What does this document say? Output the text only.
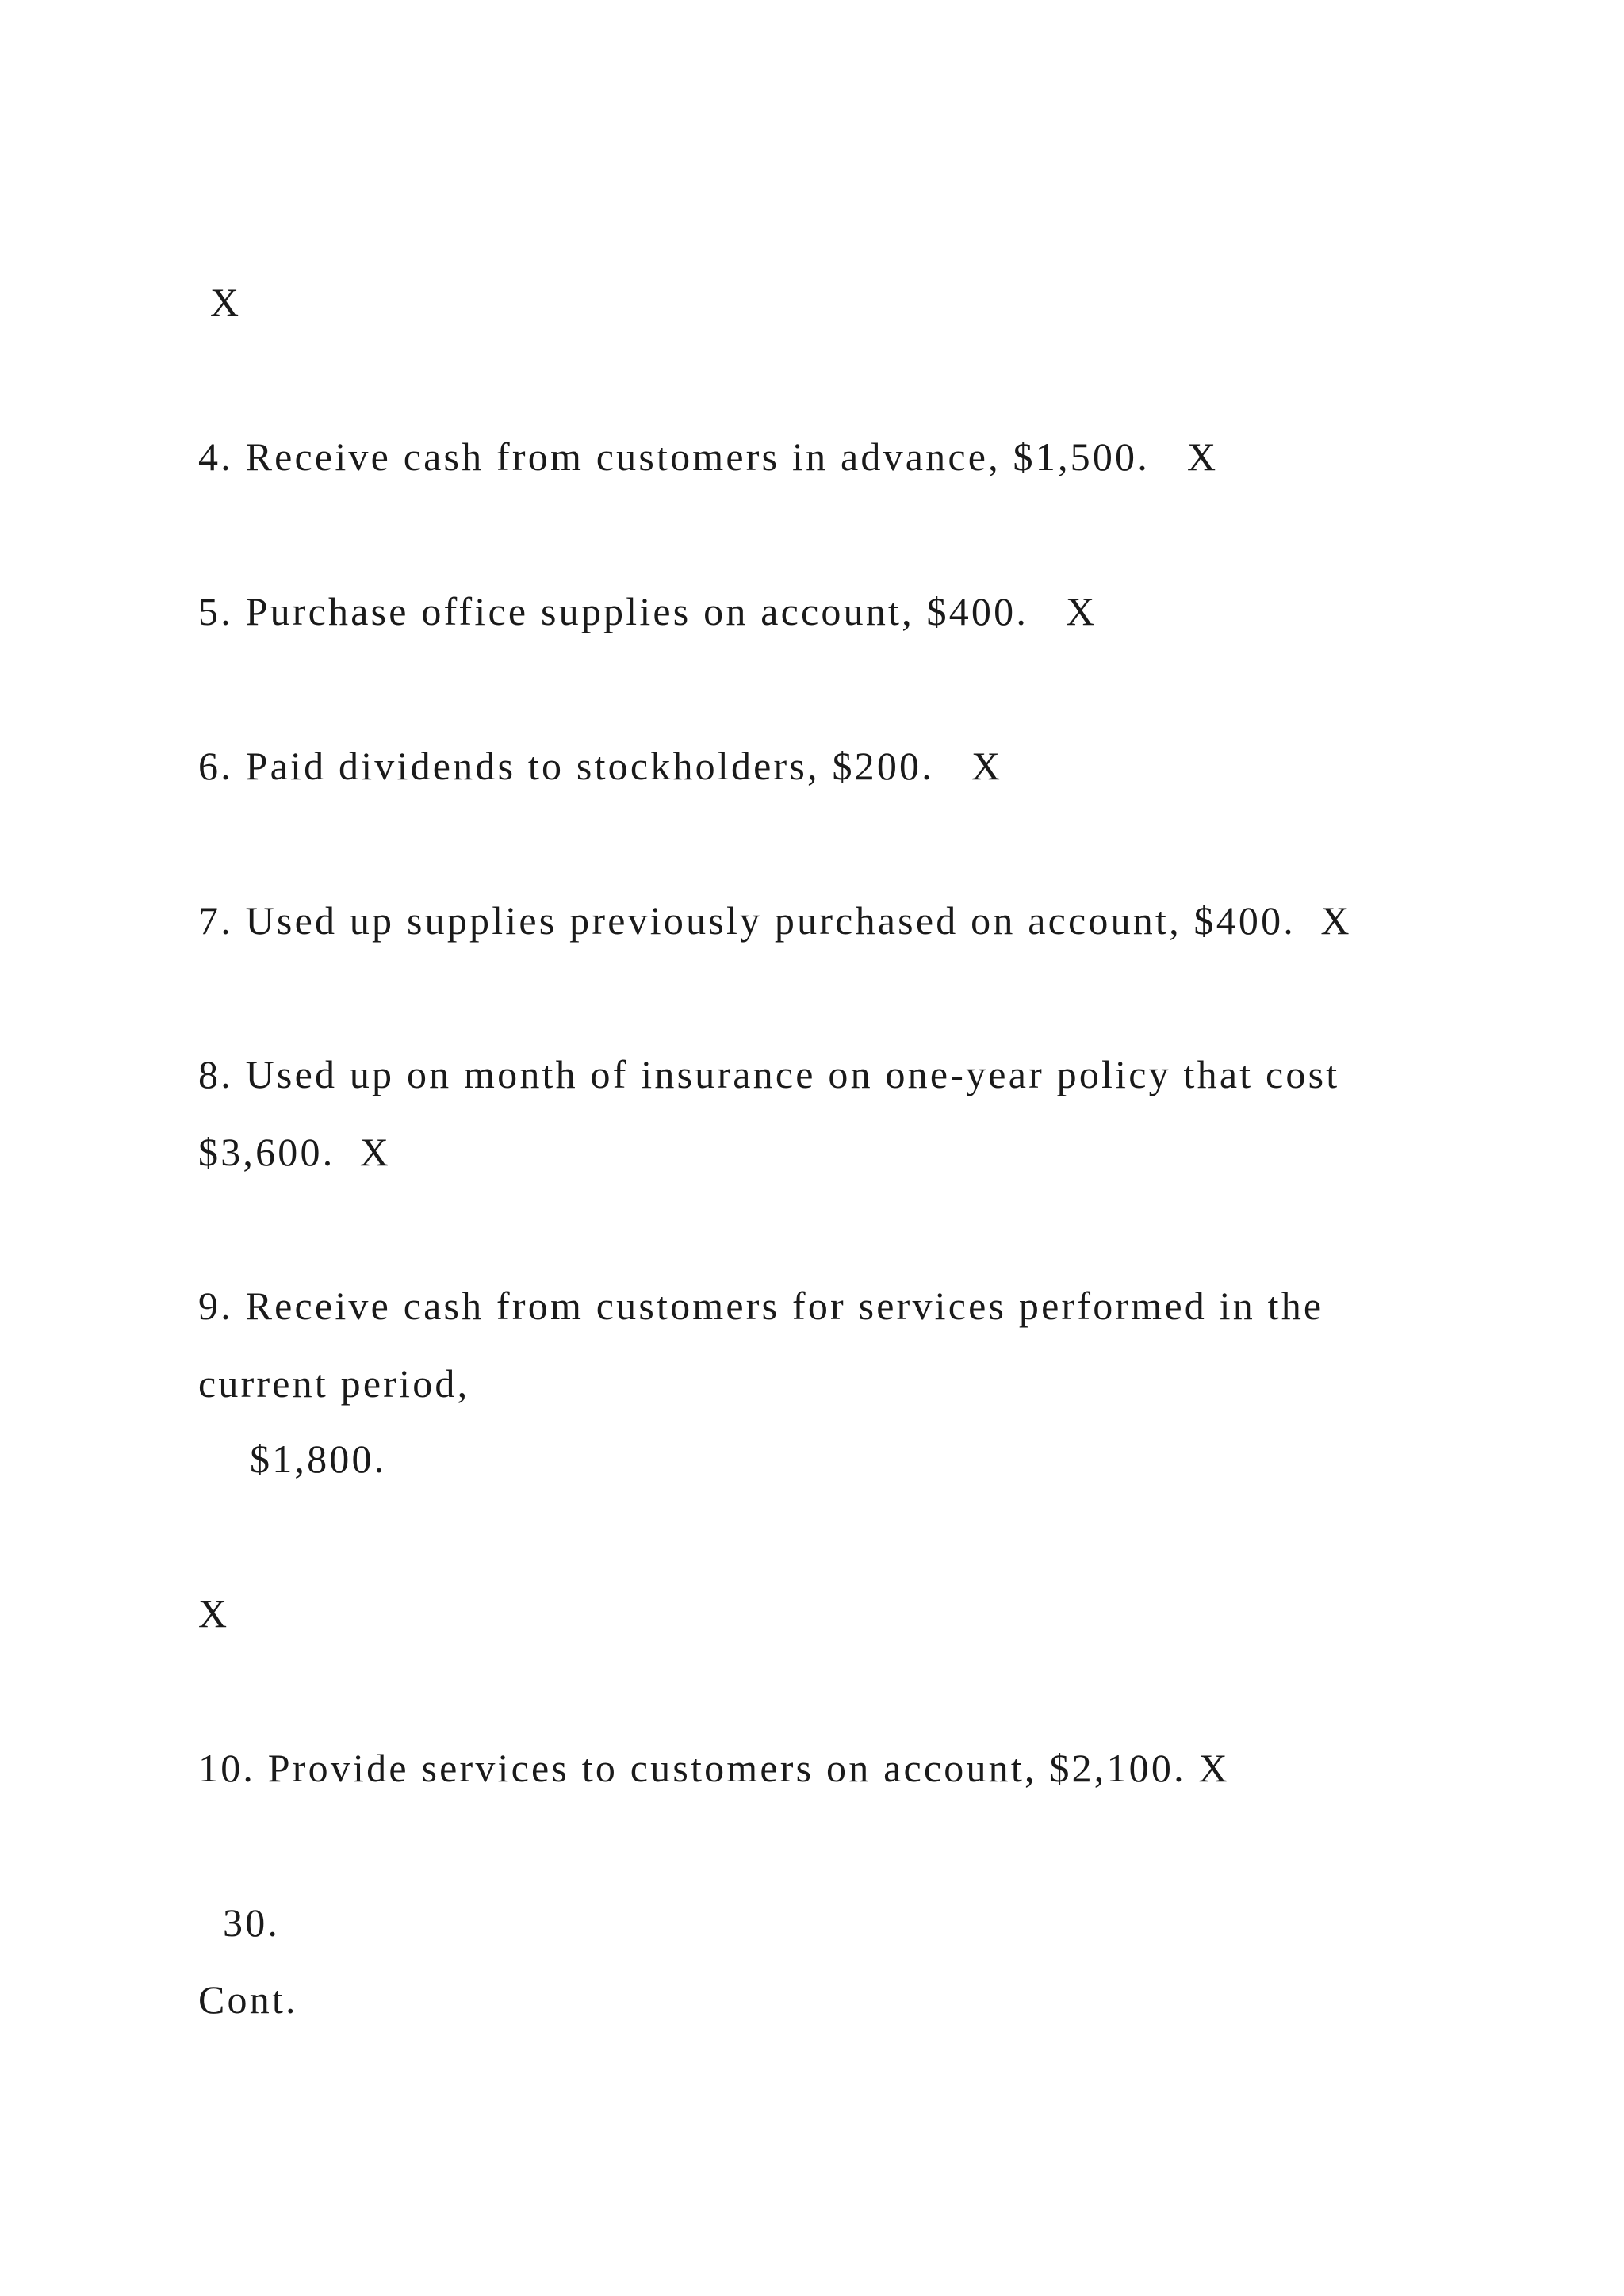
X
4. Receive cash from customers in advance, $1,500.   X
5. Purchase office supplies on account, $400.   X
6. Paid dividends to stockholders, $200.   X
7. Used up supplies previously purchased on account, $400.  X
8. Used up on month of insurance on one-year policy that cost
$3,600.  X
9. Receive cash from customers for services performed in the
current period,
$1,800.
X
10. Provide services to customers on account, $2,100. X
30.
Cont.
